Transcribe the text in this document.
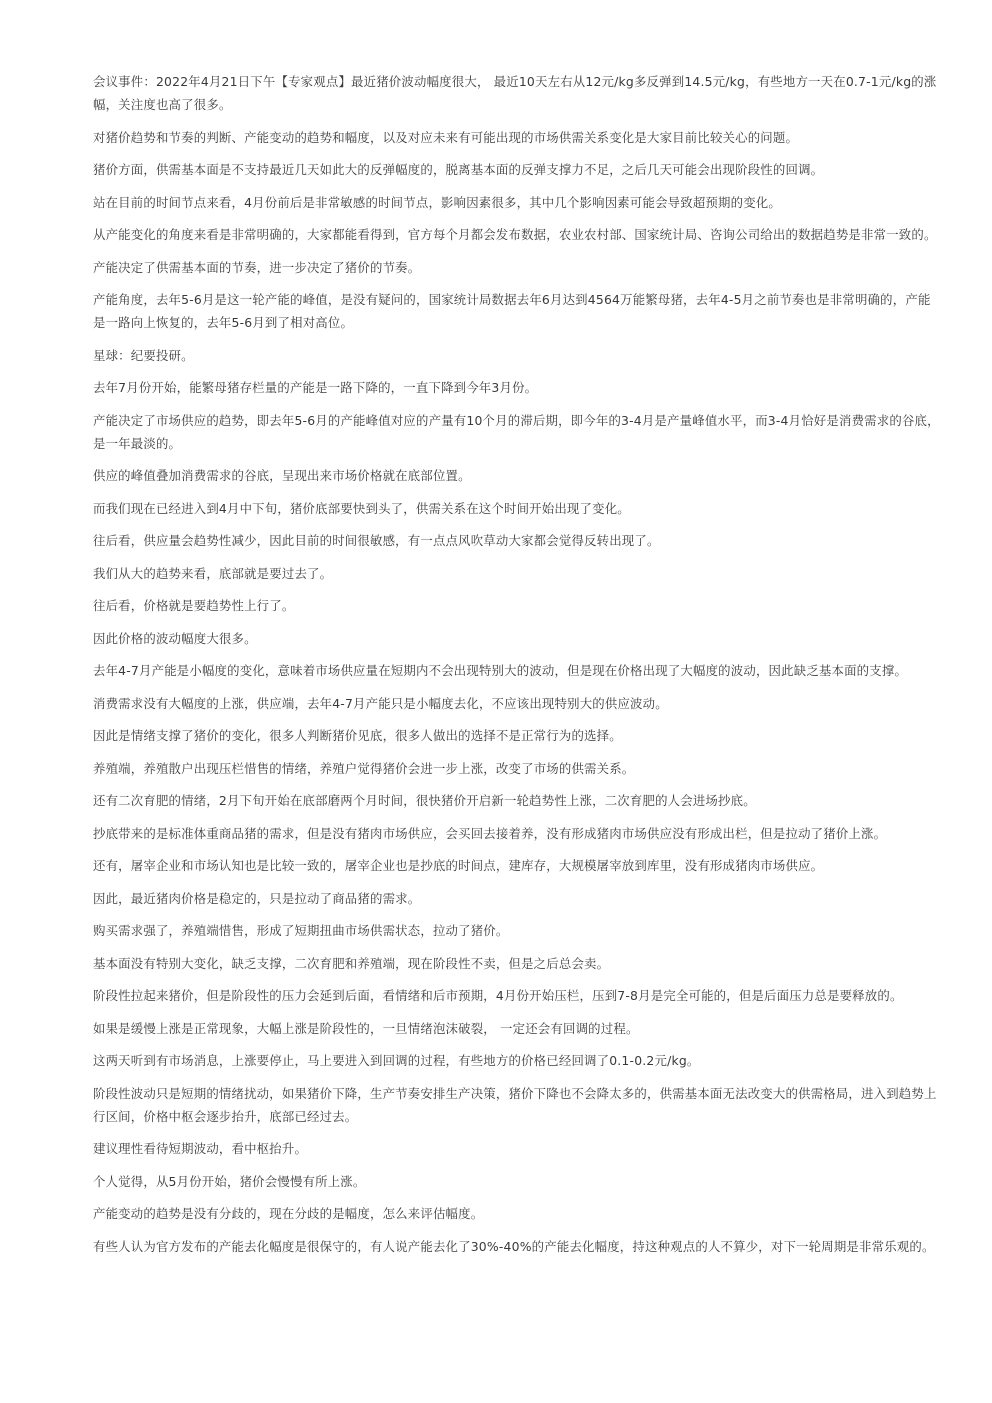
会议事件：2022年4月21日下午【专家观点】最近猪价波动幅度很大， 最近10天左右从12元/kg多反弹到14.5元/kg，有些地方一天在0.7-1元/kg的涨幅，关注度也高了很多。

对猪价趋势和节奏的判断、产能变动的趋势和幅度，以及对应未来有可能出现的市场供需关系变化是大家目前比较关心的问题。

猪价方面，供需基本面是不支持最近几天如此大的反弹幅度的，脱离基本面的反弹支撑力不足，之后几天可能会出现阶段性的回调。

站在目前的时间节点来看，4月份前后是非常敏感的时间节点，影响因素很多，其中几个影响因素可能会导致超预期的变化。

从产能变化的角度来看是非常明确的，大家都能看得到，官方每个月都会发布数据，农业农村部、国家统计局、咨询公司给出的数据趋势是非常一致的。

产能决定了供需基本面的节奏，进一步决定了猪价的节奏。

产能角度，去年5-6月是这一轮产能的峰值，是没有疑问的，国家统计局数据去年6月达到4564万能繁母猪，去年4-5月之前节奏也是非常明确的，产能是一路向上恢复的，去年5-6月到了相对高位。

星球：纪要投研。

去年7月份开始，能繁母猪存栏量的产能是一路下降的，一直下降到今年3月份。

产能决定了市场供应的趋势，即去年5-6月的产能峰值对应的产量有10个月的滞后期，即今年的3-4月是产量峰值水平，而3-4月恰好是消费需求的谷底，是一年最淡的。

供应的峰值叠加消费需求的谷底，呈现出来市场价格就在底部位置。

而我们现在已经进入到4月中下旬，猪价底部要快到头了，供需关系在这个时间开始出现了变化。

往后看，供应量会趋势性减少，因此目前的时间很敏感，有一点点风吹草动大家都会觉得反转出现了。

我们从大的趋势来看，底部就是要过去了。

往后看，价格就是要趋势性上行了。

因此价格的波动幅度大很多。

去年4-7月产能是小幅度的变化，意味着市场供应量在短期内不会出现特别大的波动，但是现在价格出现了大幅度的波动，因此缺乏基本面的支撑。

消费需求没有大幅度的上涨，供应端，去年4-7月产能只是小幅度去化，不应该出现特别大的供应波动。

因此是情绪支撑了猪价的变化，很多人判断猪价见底，很多人做出的选择不是正常行为的选择。

养殖端，养殖散户出现压栏惜售的情绪，养殖户觉得猪价会进一步上涨，改变了市场的供需关系。

还有二次育肥的情绪，2月下旬开始在底部磨两个月时间，很快猪价开启新一轮趋势性上涨，二次育肥的人会进场抄底。

抄底带来的是标准体重商品猪的需求，但是没有猪肉市场供应，会买回去接着养，没有形成猪肉市场供应没有形成出栏，但是拉动了猪价上涨。

还有，屠宰企业和市场认知也是比较一致的，屠宰企业也是抄底的时间点，建库存，大规模屠宰放到库里，没有形成猪肉市场供应。

因此，最近猪肉价格是稳定的，只是拉动了商品猪的需求。

购买需求强了，养殖端惜售，形成了短期扭曲市场供需状态，拉动了猪价。

基本面没有特别大变化，缺乏支撑，二次育肥和养殖端，现在阶段性不卖，但是之后总会卖。

阶段性拉起来猪价，但是阶段性的压力会延到后面，看情绪和后市预期，4月份开始压栏，压到7-8月是完全可能的，但是后面压力总是要释放的。

如果是缓慢上涨是正常现象，大幅上涨是阶段性的，一旦情绪泡沫破裂， 一定还会有回调的过程。

这两天听到有市场消息，上涨要停止，马上要进入到回调的过程，有些地方的价格已经回调了0.1-0.2元/kg。

阶段性波动只是短期的情绪扰动，如果猪价下降，生产节奏安排生产决策，猪价下降也不会降太多的，供需基本面无法改变大的供需格局，进入到趋势上行区间，价格中枢会逐步抬升，底部已经过去。

建议理性看待短期波动，看中枢抬升。

个人觉得，从5月份开始，猪价会慢慢有所上涨。

产能变动的趋势是没有分歧的，现在分歧的是幅度，怎么来评估幅度。

有些人认为官方发布的产能去化幅度是很保守的，有人说产能去化了30%-40%的产能去化幅度，持这种观点的人不算少，对下一轮周期是非常乐观的。
